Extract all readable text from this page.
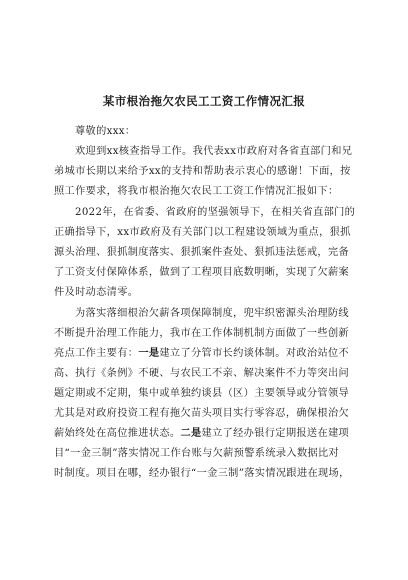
某市根治拖欠农民工工资工作情况汇报
尊敬的xxx：
欢迎到xx核查指导工作。我代表xx市政府对各省直部门和兄
弟城市长期以来给予xx的支持和帮助表示衷心的感谢！下面，按
照工作要求，将我市根治拖欠农民工工资工作情况汇报如下：
2022年，在省委、省政府的坚强领导下，在相关省直部门的
正确指导下，xx市政府及有关部门以工程建设领域为重点，狠抓
源头治理、狠抓制度落实、狠抓案件查处、狠抓违法惩戒，完备
了工资支付保障体系，做到了工程项目底数明晰，实现了欠薪案
件及时动态清零。
为落实落细根治欠薪各项保障制度，兜牢织密源头治理防线
不断提升治理工作能力，我市在工作体制机制方面做了一些创新
亮点工作主要有：一是建立了分管市长约谈体制。对政治站位不
高、执行《条例》不硬、与农民工不亲、解决案件不力等突出问
题定期或不定期，集中或单独约谈县（区）主要领导或分管领导
尤其是对政府投资工程有拖欠苗头项目实行零容忍，确保根治欠
薪始终处在高位推进状态。二是建立了经办银行定期报送在建项
目“一金三制”落实情况工作台账与欠薪预警系统录入数据比对
时制度。项目在哪，经办银行“一金三制”落实情况跟进在现场，
